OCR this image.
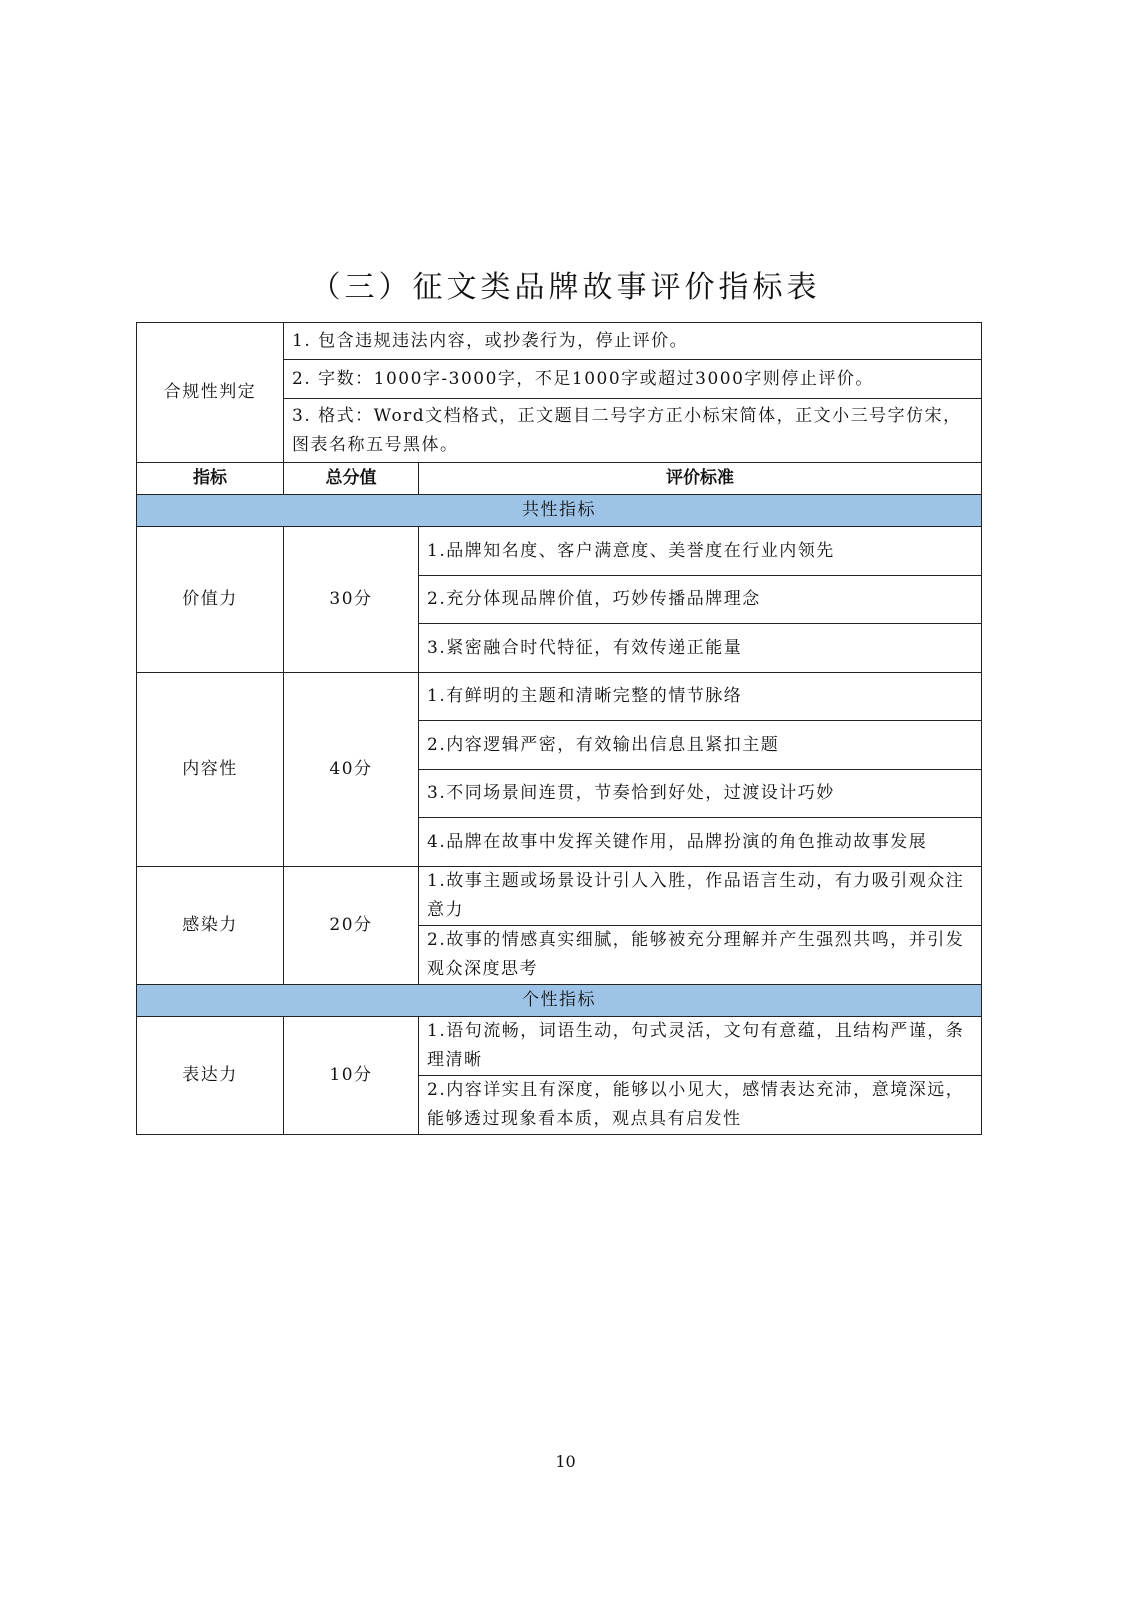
（三）征文类品牌故事评价指标表
合规性判定	1. 包含违规违法内容，或抄袭行为，停止评价。	
	2. 字数：1000字-3000字，不足1000字或超过3000字则停止评价。	
	3. 格式：Word文档格式，正文题目二号字方正小标宋简体，正文小三号字仿宋，图表名称五号黑体。	
指标	总分值	评价标准
共性指标		
价值力	30分	1.品牌知名度、客户满意度、美誉度在行业内领先
		2.充分体现品牌价值，巧妙传播品牌理念
		3.紧密融合时代特征，有效传递正能量
内容性	40分	1.有鲜明的主题和清晰完整的情节脉络
		2.内容逻辑严密，有效输出信息且紧扣主题
		3.不同场景间连贯，节奏恰到好处，过渡设计巧妙
		4.品牌在故事中发挥关键作用，品牌扮演的角色推动故事发展
感染力	20分	1.故事主题或场景设计引人入胜，作品语言生动，有力吸引观众注意力
		2.故事的情感真实细腻，能够被充分理解并产生强烈共鸣，并引发观众深度思考
个性指标		
表达力	10分	1.语句流畅，词语生动，句式灵活，文句有意蕴，且结构严谨，条理清晰
		2.内容详实且有深度，能够以小见大，感情表达充沛，意境深远，能够透过现象看本质，观点具有启发性
10
